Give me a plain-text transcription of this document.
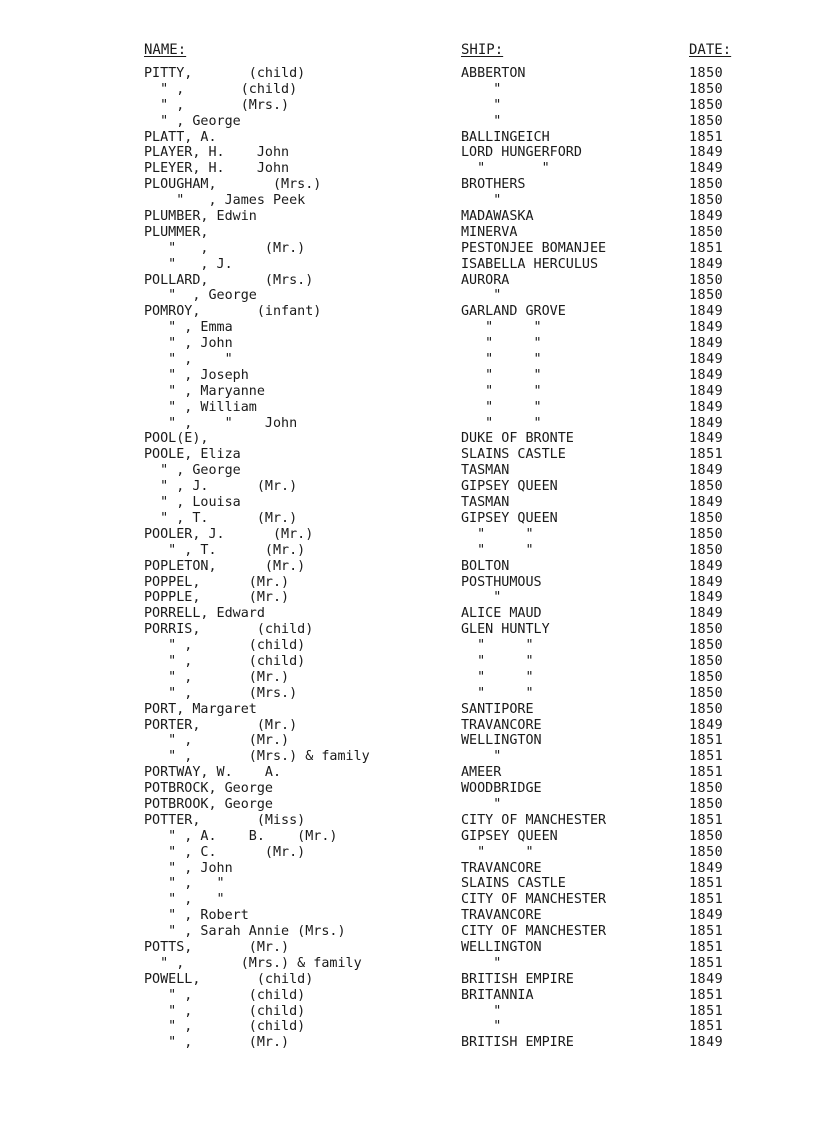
NAME:	SHIP:	DATE:
PITTY,       (child)	ABBERTON	1850
" ,       (child)	"	1850
" ,       (Mrs.)	"	1850
" , George	"	1850
PLATT, A.	BALLINGEICH	1851
PLAYER, H.    John	LORD HUNGERFORD	1849
PLEYER, H.    John	"       "	1849
PLOUGHAM,       (Mrs.)	BROTHERS	1850
"   , James Peek	"	1850
PLUMBER, Edwin	MADAWASKA	1849
PLUMMER,	MINERVA	1850
"   ,       (Mr.)	PESTONJEE BOMANJEE	1851
"   , J.	ISABELLA HERCULUS	1849
POLLARD,       (Mrs.)	AURORA	1850
"  , George	"	1850
POMROY,       (infant)	GARLAND GROVE	1849
" , Emma	"     "	1849
" , John	"     "	1849
" ,    "	"     "	1849
" , Joseph	"     "	1849
" , Maryanne	"     "	1849
" , William	"     "	1849
" ,    "    John	"     "	1849
POOL(E),	DUKE OF BRONTE	1849
POOLE, Eliza	SLAINS CASTLE	1851
" , George	TASMAN	1849
" , J.      (Mr.)	GIPSEY QUEEN	1850
" , Louisa	TASMAN	1849
" , T.      (Mr.)	GIPSEY QUEEN	1850
POOLER, J.      (Mr.)	"     "	1850
" , T.      (Mr.)	"     "	1850
POPLETON,      (Mr.)	BOLTON	1849
POPPEL,      (Mr.)	POSTHUMOUS	1849
POPPLE,      (Mr.)	"	1849
PORRELL, Edward	ALICE MAUD	1849
PORRIS,       (child)	GLEN HUNTLY	1850
" ,       (child)	"     "	1850
" ,       (child)	"     "	1850
" ,       (Mr.)	"     "	1850
" ,       (Mrs.)	"     "	1850
PORT, Margaret	SANTIPORE	1850
PORTER,       (Mr.)	TRAVANCORE	1849
" ,       (Mr.)	WELLINGTON	1851
" ,       (Mrs.) & family	"	1851
PORTWAY, W.    A.	AMEER	1851
POTBROCK, George	WOODBRIDGE	1850
POTBROOK, George	"	1850
POTTER,       (Miss)	CITY OF MANCHESTER	1851
" , A.    B.    (Mr.)	GIPSEY QUEEN	1850
" , C.      (Mr.)	"     "	1850
" , John	TRAVANCORE	1849
" ,   "	SLAINS CASTLE	1851
" ,   "	CITY OF MANCHESTER	1851
" , Robert	TRAVANCORE	1849
" , Sarah Annie (Mrs.)	CITY OF MANCHESTER	1851
POTTS,       (Mr.)	WELLINGTON	1851
" ,       (Mrs.) & family	"	1851
POWELL,       (child)	BRITISH EMPIRE	1849
" ,       (child)	BRITANNIA	1851
" ,       (child)	"	1851
" ,       (child)	"	1851
" ,       (Mr.)	BRITISH EMPIRE	1849
